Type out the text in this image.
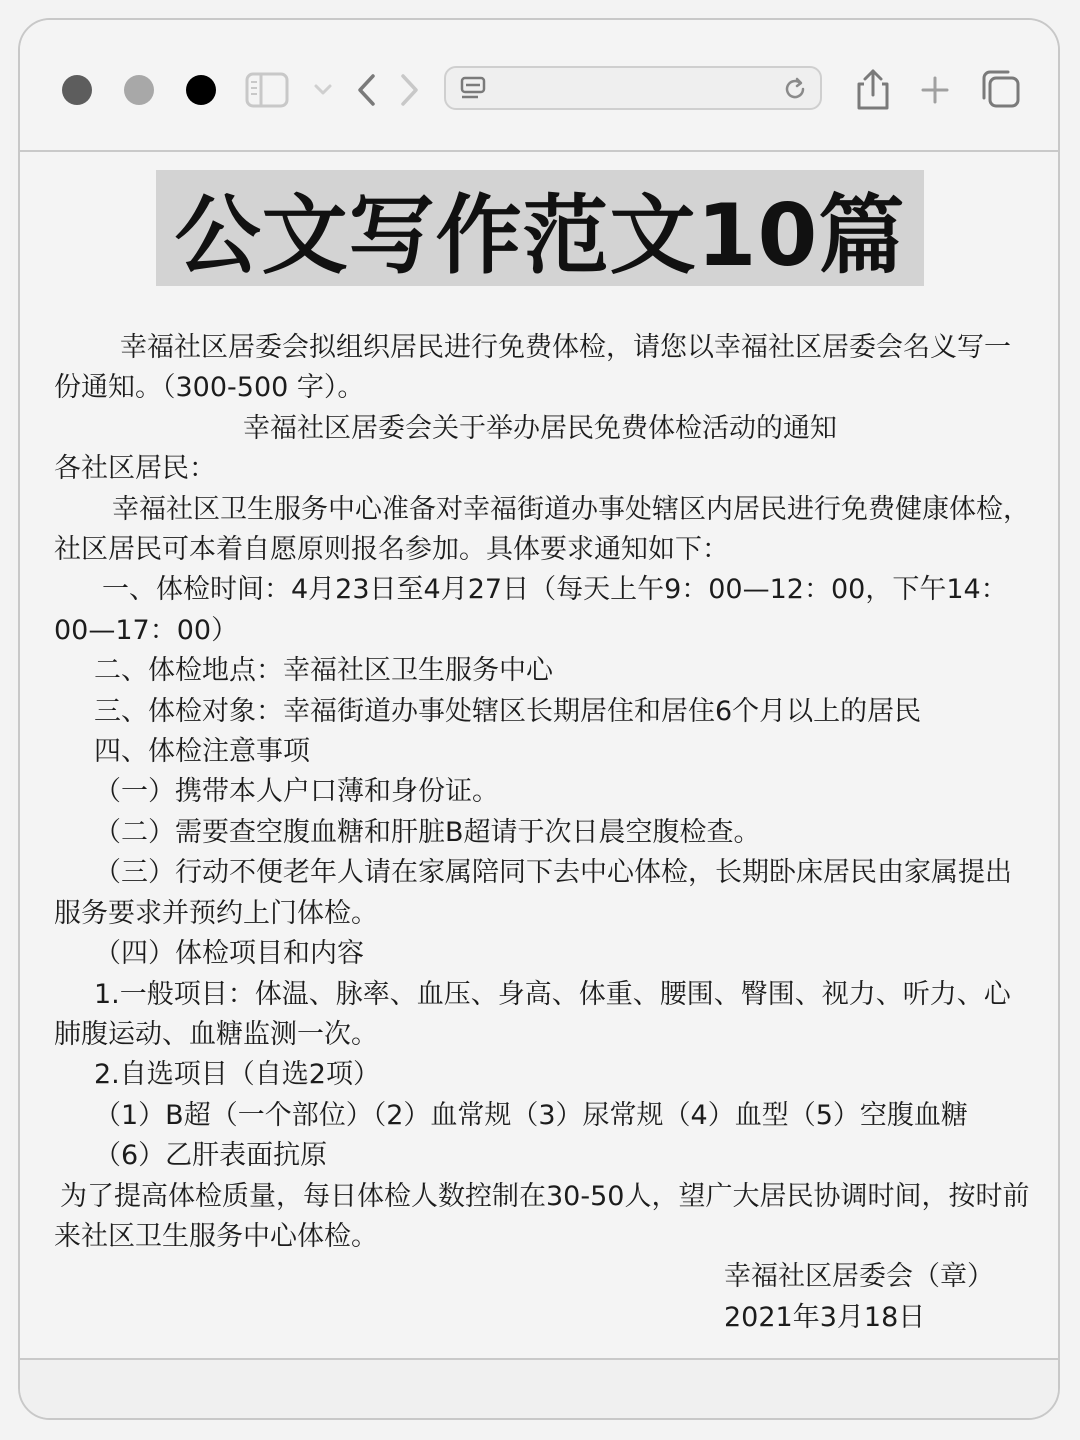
公文写作范文10篇

幸福社区居委会拟组织居民进行免费体检，请您以幸福社区居委会名义写一份通知。（300-500 字）。

幸福社区居委会关于举办居民免费体检活动的通知

各社区居民：

幸福社区卫生服务中心准备对幸福街道办事处辖区内居民进行免费健康体检，社区居民可本着自愿原则报名参加。具体要求通知如下：

一、体检时间：4月23日至4月27日（每天上午9：00—12：00，下午14：00—17：00）

二、体检地点：幸福社区卫生服务中心

三、体检对象：幸福街道办事处辖区长期居住和居住6个月以上的居民

四、体检注意事项

（一）携带本人户口薄和身份证。

（二）需要查空腹血糖和肝脏B超请于次日晨空腹检查。

（三）行动不便老年人请在家属陪同下去中心体检，长期卧床居民由家属提出服务要求并预约上门体检。

（四）体检项目和内容

1.一般项目：体温、脉率、血压、身高、体重、腰围、臀围、视力、听力、心肺腹运动、血糖监测一次。

2.自选项目（自选2项）

（1）B超（一个部位）（2）血常规（3）尿常规（4）血型（5）空腹血糖

（6）乙肝表面抗原

为了提高体检质量，每日体检人数控制在30-50人，望广大居民协调时间，按时前来社区卫生服务中心体检。

幸福社区居委会（章）

2021年3月18日
